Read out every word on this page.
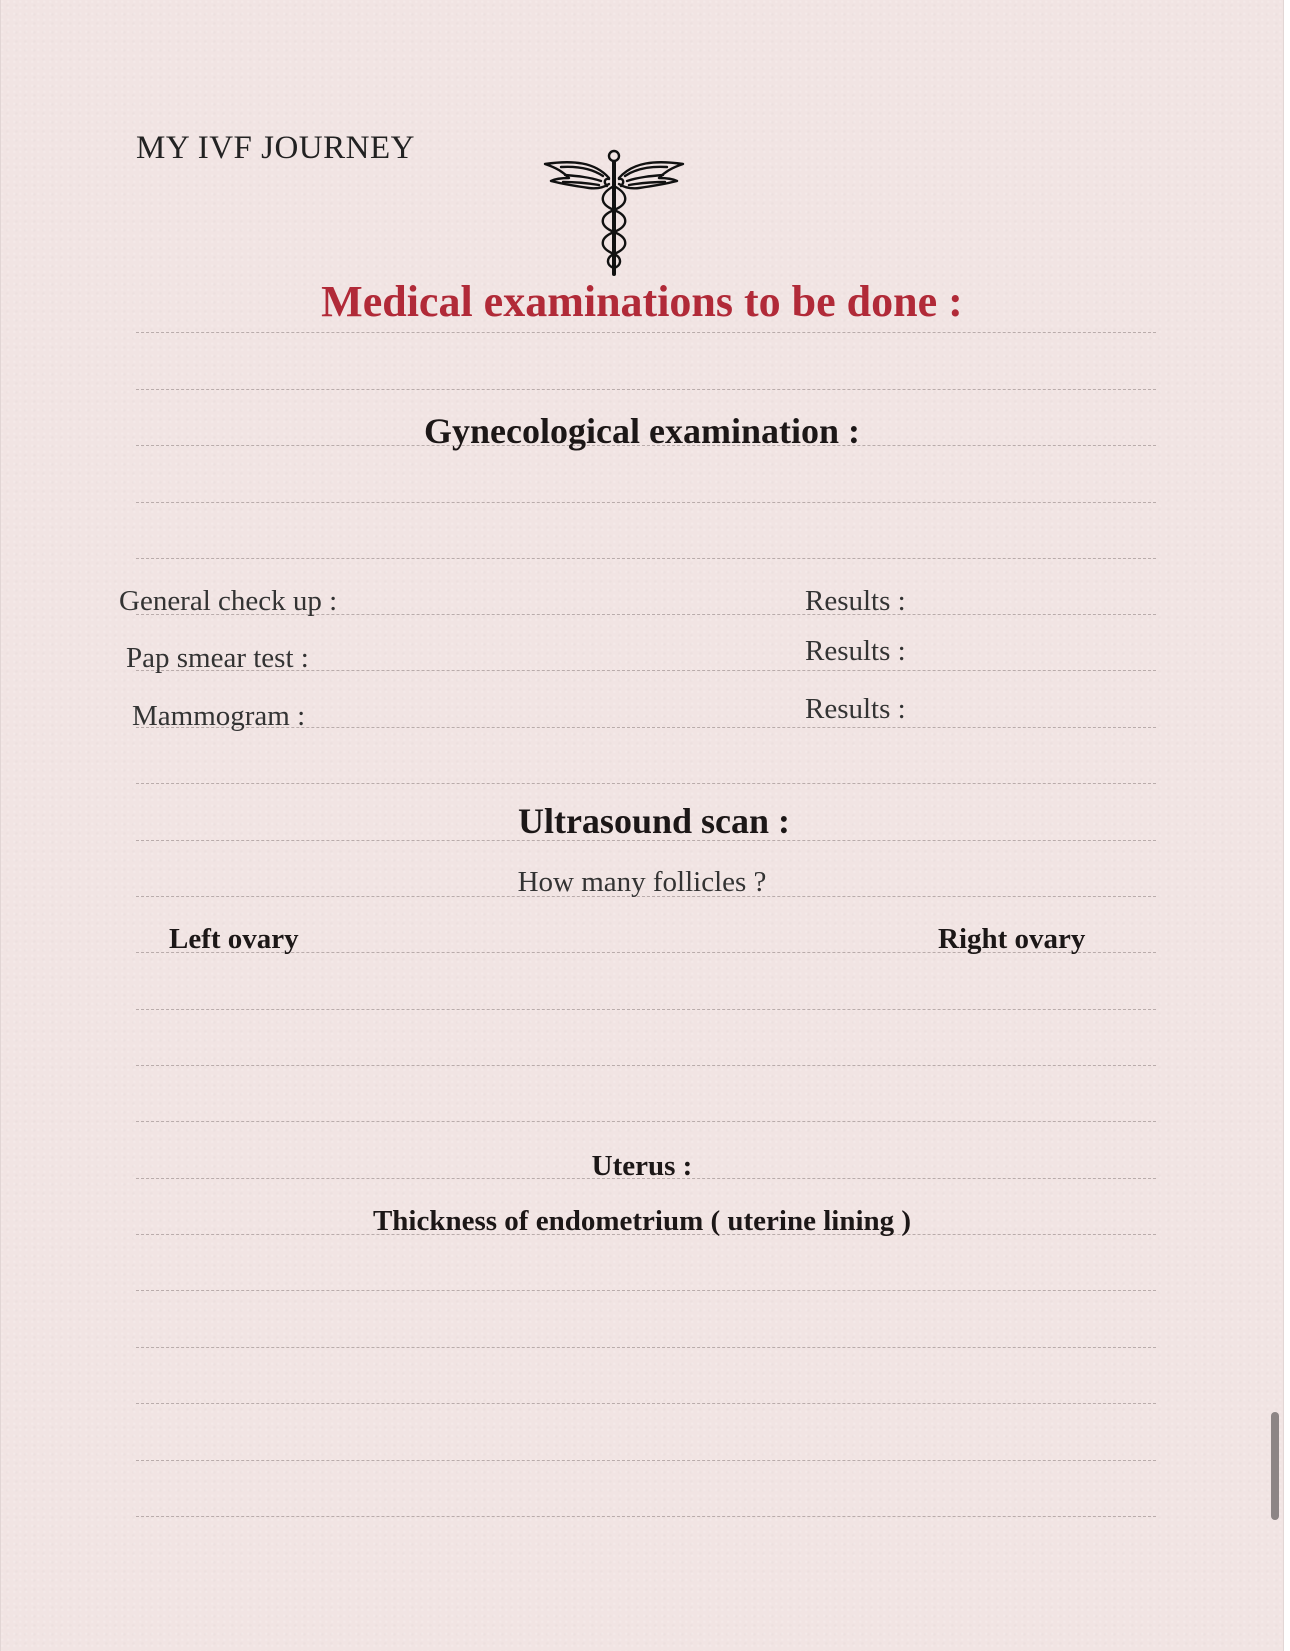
MY IVF JOURNEY
Medical examinations to be done :
Gynecological examination :
General check up :	Results :
Pap smear test :	Results :
Mammogram :	Results :
Ultrasound scan :
How many follicles ?
Left ovary	Right ovary
Uterus :
Thickness of endometrium ( uterine lining )
